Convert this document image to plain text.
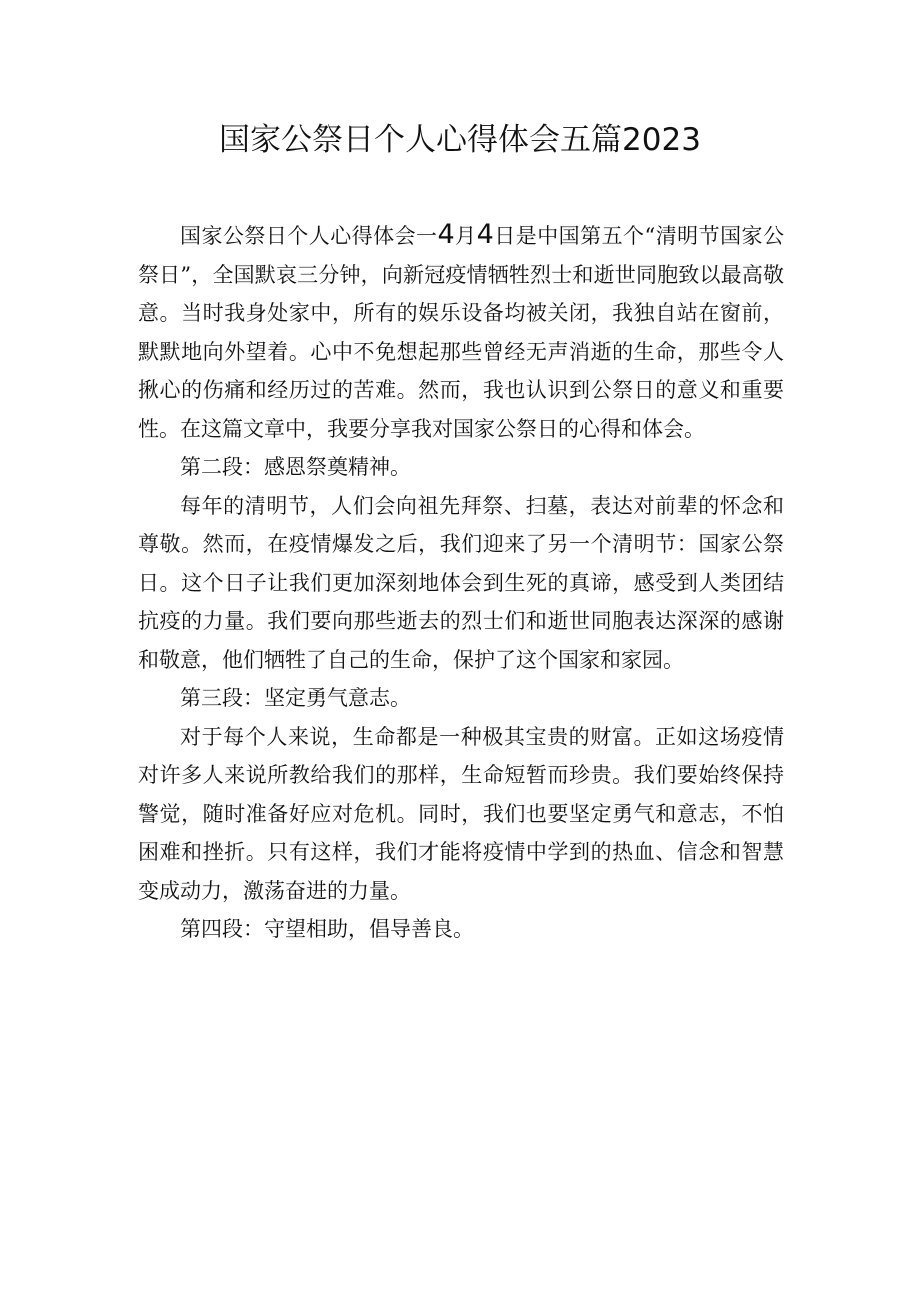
国家公祭日个人心得体会五篇2023

国家公祭日个人心得体会一4月4日是中国第五个“清明节国家公祭日”，全国默哀三分钟，向新冠疫情牺牲烈士和逝世同胞致以最高敬意。当时我身处家中，所有的娱乐设备均被关闭，我独自站在窗前，默默地向外望着。心中不免想起那些曾经无声消逝的生命，那些令人揪心的伤痛和经历过的苦难。然而，我也认识到公祭日的意义和重要性。在这篇文章中，我要分享我对国家公祭日的心得和体会。

第二段：感恩祭奠精神。

每年的清明节，人们会向祖先拜祭、扫墓，表达对前辈的怀念和尊敬。然而，在疫情爆发之后，我们迎来了另一个清明节：国家公祭日。这个日子让我们更加深刻地体会到生死的真谛，感受到人类团结抗疫的力量。我们要向那些逝去的烈士们和逝世同胞表达深深的感谢和敬意，他们牺牲了自己的生命，保护了这个国家和家园。

第三段：坚定勇气意志。

对于每个人来说，生命都是一种极其宝贵的财富。正如这场疫情对许多人来说所教给我们的那样，生命短暂而珍贵。我们要始终保持警觉，随时准备好应对危机。同时，我们也要坚定勇气和意志，不怕困难和挫折。只有这样，我们才能将疫情中学到的热血、信念和智慧变成动力，激荡奋进的力量。

第四段：守望相助，倡导善良。
